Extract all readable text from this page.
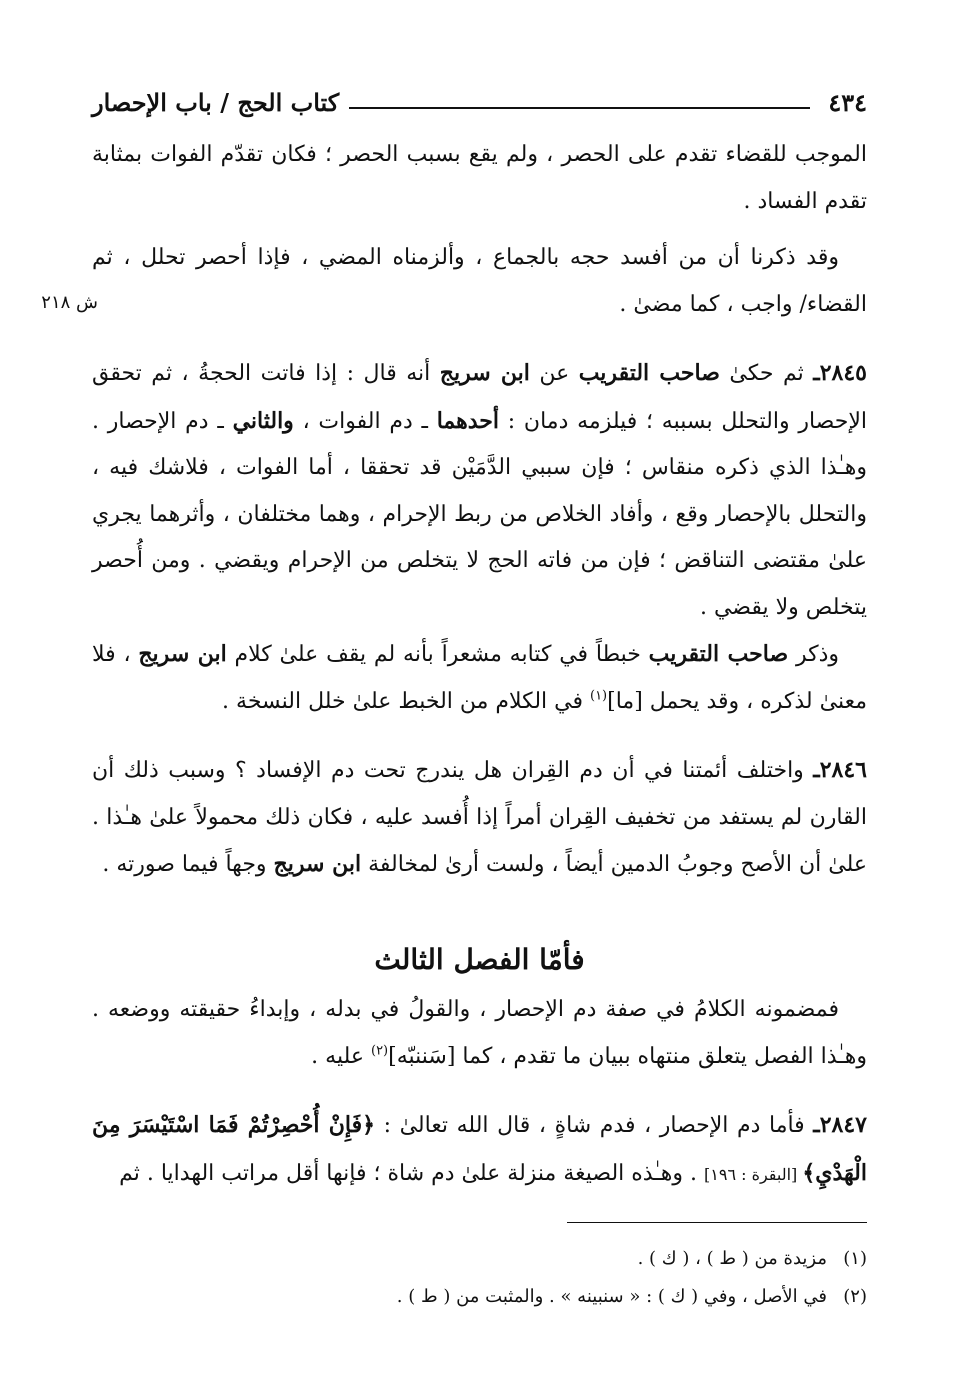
٤٣٤
كتاب الحج / باب الإحصار
ش ٢١٨

الموجب للقضاء تقدم على الحصر ، ولم يقع بسبب الحصر ؛ فكان تقدّم الفوات بمثابة تقدم الفساد .

وقد ذكرنا أن من أفسد حجه بالجماع ، وألزمناه المضي ، فإذا أحصر تحلل ، ثم القضاء/ واجب ، كما مضىٰ .

٢٨٤٥ـ ثم حكىٰ صاحب التقريب عن ابن سريج أنه قال : إذا فاتت الحجةُ ، ثم تحقق الإحصار والتحلل بسببه ؛ فيلزمه دمان : أحدهما ـ دم الفوات ، والثاني ـ دم الإحصار . وهـٰذا الذي ذكره منقاس ؛ فإن سببي الدَّمَيْن قد تحققا ، أما الفوات ، فلاشك فيه ، والتحلل بالإحصار وقع ، وأفاد الخلاص من ربط الإحرام ، وهما مختلفان ، وأثرهما يجري علىٰ مقتضى التناقض ؛ فإن من فاته الحج لا يتخلص من الإحرام ويقضي . ومن أُحصر يتخلص ولا يقضي .

وذكر صاحب التقريب خبطاً في كتابه مشعراً بأنه لم يقف علىٰ كلام ابن سريج ، فلا معنىٰ لذكره ، وقد يحمل [ما]$^{(١)}$ في الكلام من الخبط علىٰ خلل النسخة .

٢٨٤٦ـ واختلف أئمتنا في أن دم القِران هل يندرج تحت دم الإفساد ؟ وسبب ذلك أن القارن لم يستفد من تخفيف القِران أمراً إذا أُفسد عليه ، فكان ذلك محمولاً علىٰ هـٰذا . علىٰ أن الأصح وجوبُ الدمين أيضاً ، ولست أرىٰ لمخالفة ابن سريج وجهاً فيما صورته .

فأمّا الفصل الثالث

فمضمونه الكلامُ في صفة دم الإحصار ، والقولُ في بدله ، وإبداءُ حقيقته ووضعه . وهـٰذا الفصل يتعلق منتهاه ببيان ما تقدم ، كما [سَننبّه]$^{(٢)}$ عليه .

٢٨٤٧ـ فأما دم الإحصار ، فدم شاةٍ ، قال الله تعالىٰ : ﴿فَإِنْ أُحْصِرْتُمْ فَمَا اسْتَيْسَرَ مِنَ الْهَدْيِ﴾ [البقرة : ١٩٦] . وهـٰذه الصيغة منزلة علىٰ دم شاة ؛ فإنها أقل مراتب الهدايا . ثم

(١)
مزيدة من ( ط ) ، ( ك ) .
(٢)
في الأصل ، وفي ( ك ) : « سنبينه » . والمثبت من ( ط ) .
